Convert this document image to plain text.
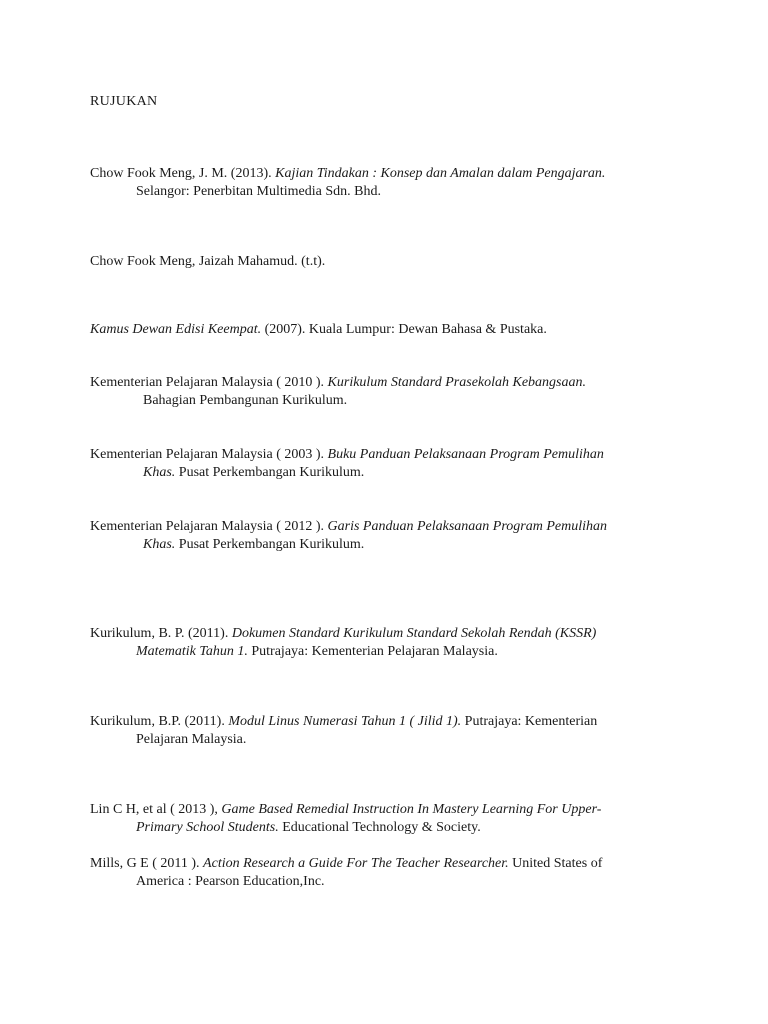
RUJUKAN
Chow Fook Meng, J. M. (2013). Kajian Tindakan : Konsep dan Amalan dalam Pengajaran.
Selangor: Penerbitan Multimedia Sdn. Bhd.
Chow Fook Meng, Jaizah Mahamud. (t.t).
Kamus Dewan Edisi Keempat. (2007). Kuala Lumpur: Dewan Bahasa & Pustaka.
Kementerian Pelajaran Malaysia ( 2010 ). Kurikulum Standard Prasekolah Kebangsaan.
Bahagian Pembangunan Kurikulum.
Kementerian Pelajaran Malaysia ( 2003 ). Buku Panduan Pelaksanaan Program Pemulihan
Khas. Pusat Perkembangan Kurikulum.
Kementerian Pelajaran Malaysia ( 2012 ). Garis Panduan Pelaksanaan Program Pemulihan
Khas. Pusat Perkembangan Kurikulum.
Kurikulum, B. P. (2011). Dokumen Standard Kurikulum Standard Sekolah Rendah (KSSR)
Matematik Tahun 1. Putrajaya: Kementerian Pelajaran Malaysia.
Kurikulum, B.P. (2011). Modul Linus Numerasi Tahun 1 ( Jilid 1). Putrajaya: Kementerian
Pelajaran Malaysia.
Lin C H, et al ( 2013 ), Game Based Remedial Instruction In Mastery Learning For Upper-
Primary School Students. Educational Technology & Society.
Mills, G E ( 2011 ). Action Research a Guide For The Teacher Researcher. United States of
America : Pearson Education,Inc.
